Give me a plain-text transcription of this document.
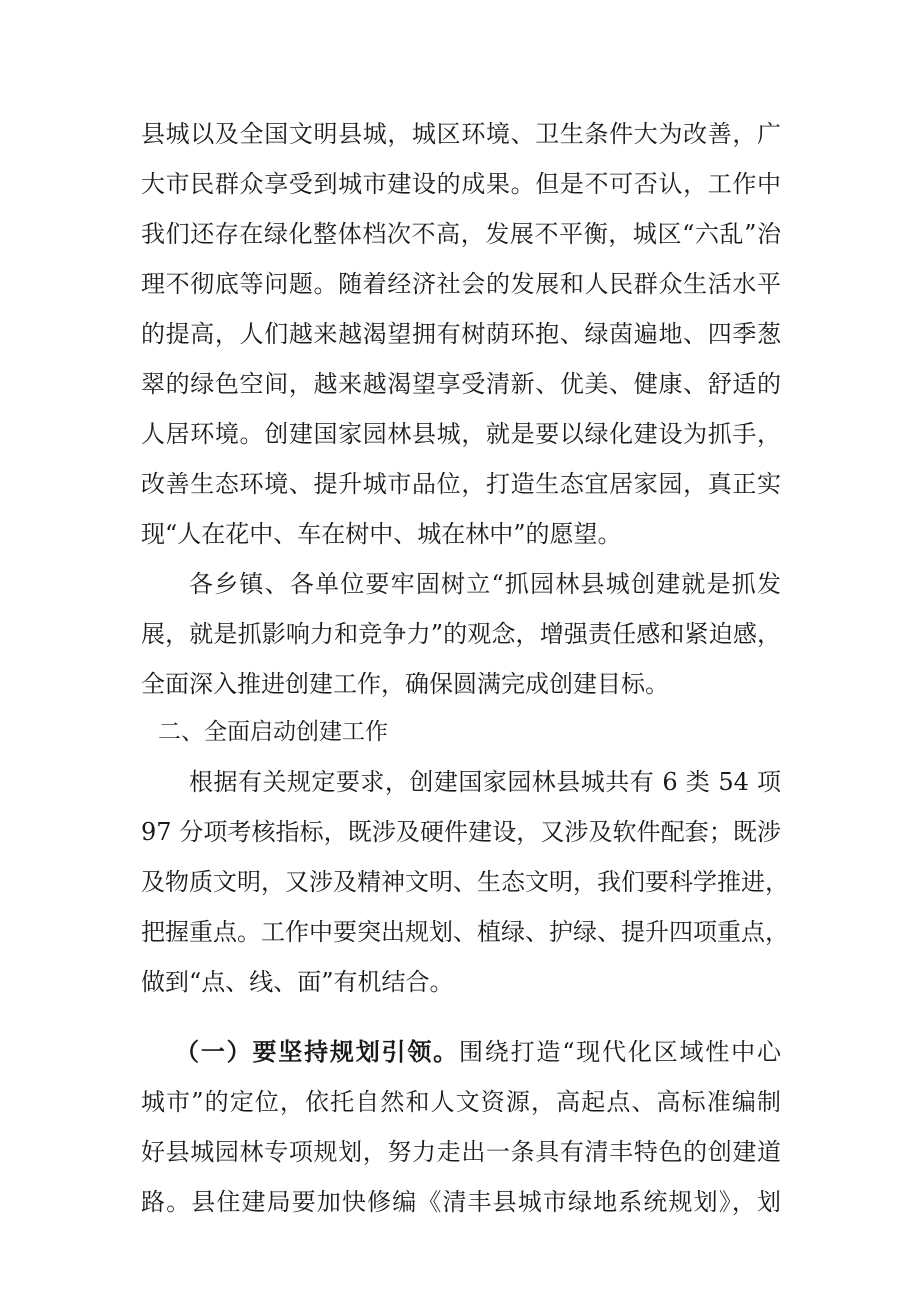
县城以及全国文明县城，城区环境、卫生条件大为改善，广
大市民群众享受到城市建设的成果。但是不可否认，工作中
我们还存在绿化整体档次不高，发展不平衡，城区“六乱”治
理不彻底等问题。随着经济社会的发展和人民群众生活水平
的提高，人们越来越渴望拥有树荫环抱、绿茵遍地、四季葱
翠的绿色空间，越来越渴望享受清新、优美、健康、舒适的
人居环境。创建国家园林县城，就是要以绿化建设为抓手，
改善生态环境、提升城市品位，打造生态宜居家园，真正实
现“人在花中、车在树中、城在林中”的愿望。
各乡镇、各单位要牢固树立“抓园林县城创建就是抓发
展，就是抓影响力和竞争力”的观念，增强责任感和紧迫感，
全面深入推进创建工作，确保圆满完成创建目标。
二、全面启动创建工作
根据有关规定要求，创建国家园林县城共有 6 类 54 项
97 分项考核指标，既涉及硬件建设，又涉及软件配套；既涉
及物质文明，又涉及精神文明、生态文明，我们要科学推进，
把握重点。工作中要突出规划、植绿、护绿、提升四项重点，
做到“点、线、面”有机结合。
（一）要坚持规划引领。围绕打造“现代化区域性中心
城市”的定位，依托自然和人文资源，高起点、高标准编制
好县城园林专项规划，努力走出一条具有清丰特色的创建道
路。县住建局要加快修编《清丰县城市绿地系统规划》，划
